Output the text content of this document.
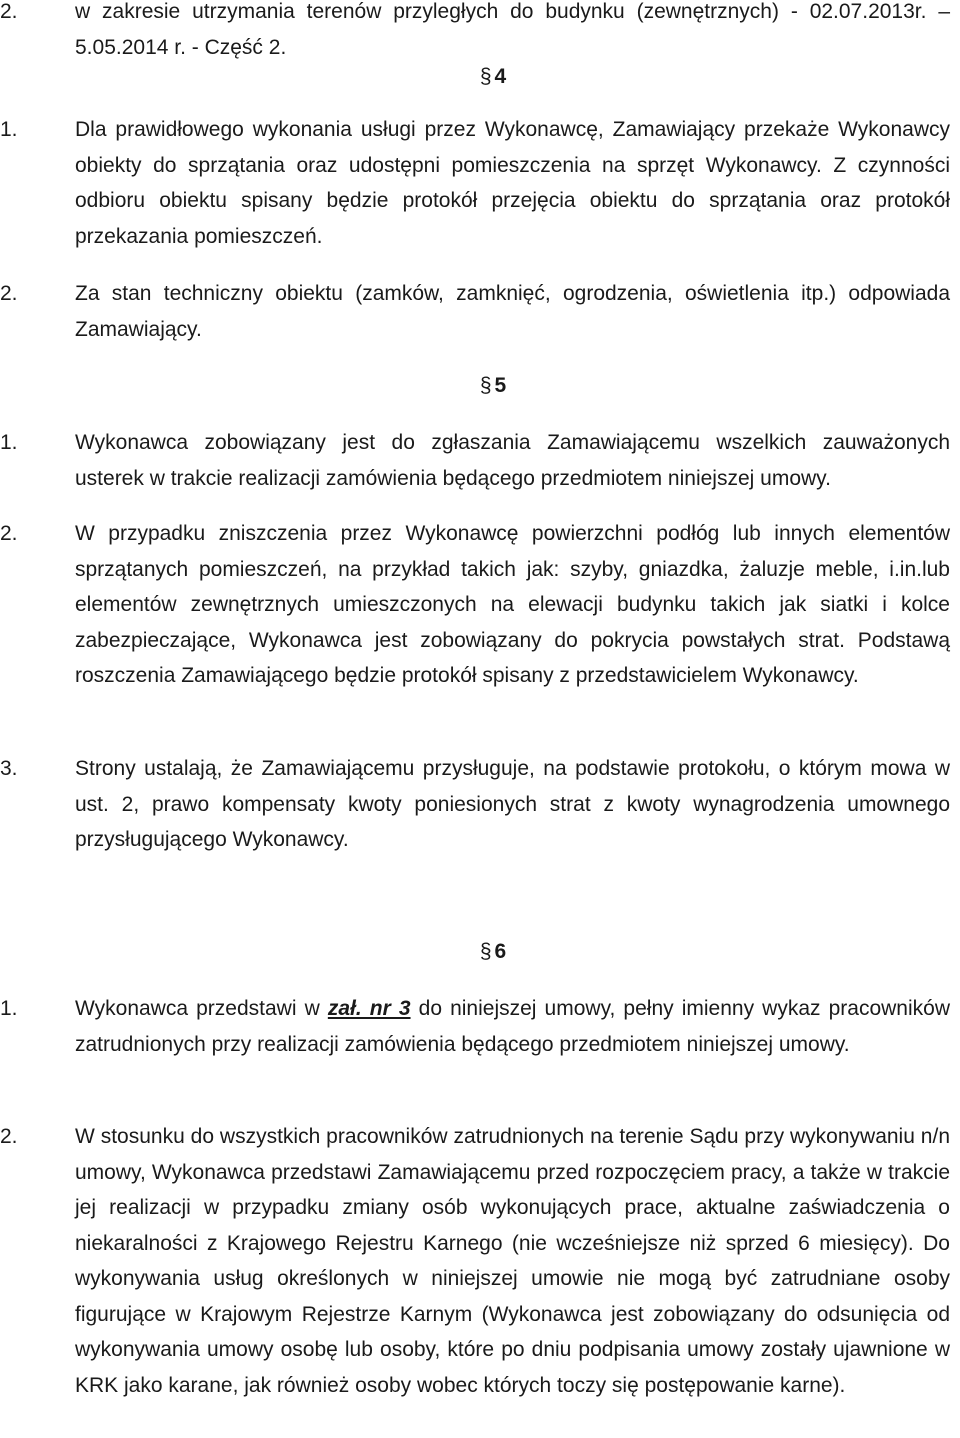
2.	w zakresie utrzymania terenów przyległych do budynku (zewnętrznych) - 02.07.2013r. – 5.05.2014 r. - Część 2.
§ 4
1.	Dla prawidłowego wykonania usługi przez Wykonawcę, Zamawiający przekaże Wykonawcy obiekty do sprzątania oraz udostępni pomieszczenia na sprzęt Wykonawcy. Z czynności odbioru obiektu spisany będzie protokół przejęcia obiektu do sprzątania oraz protokół przekazania pomieszczeń.
2.	Za stan techniczny obiektu (zamków, zamknięć, ogrodzenia, oświetlenia itp.) odpowiada Zamawiający.
§ 5
1.	Wykonawca zobowiązany jest do zgłaszania Zamawiającemu wszelkich zauważonych usterek w trakcie realizacji zamówienia będącego przedmiotem niniejszej umowy.
2.	W przypadku zniszczenia przez Wykonawcę powierzchni podłóg lub innych elementów sprzątanych pomieszczeń, na przykład takich jak: szyby, gniazdka, żaluzje meble, i.in.lub elementów zewnętrznych umieszczonych na elewacji budynku takich jak siatki i kolce zabezpieczające, Wykonawca jest zobowiązany do pokrycia powstałych strat. Podstawą roszczenia Zamawiającego będzie protokół spisany z przedstawicielem Wykonawcy.
3.	Strony ustalają, że Zamawiającemu przysługuje, na podstawie protokołu, o którym mowa w ust. 2, prawo kompensaty kwoty poniesionych strat z kwoty wynagrodzenia umownego przysługującego Wykonawcy.
§ 6
1.	Wykonawca przedstawi w zał. nr 3 do niniejszej umowy, pełny imienny wykaz pracowników zatrudnionych przy realizacji zamówienia będącego przedmiotem niniejszej umowy.
2.	W stosunku do wszystkich pracowników zatrudnionych na terenie Sądu przy wykonywaniu n/n umowy, Wykonawca przedstawi Zamawiającemu przed rozpoczęciem pracy, a także w trakcie jej realizacji w przypadku zmiany osób wykonujących prace, aktualne zaświadczenia o niekaralności z Krajowego Rejestru Karnego (nie wcześniejsze niż sprzed 6 miesięcy). Do wykonywania usług określonych w niniejszej umowie nie mogą być zatrudniane osoby figurujące w Krajowym Rejestrze Karnym (Wykonawca jest zobowiązany do odsunięcia od wykonywania umowy osobę lub osoby, które po dniu podpisania umowy zostały ujawnione w KRK jako karane, jak również osoby wobec których toczy się postępowanie karne).
